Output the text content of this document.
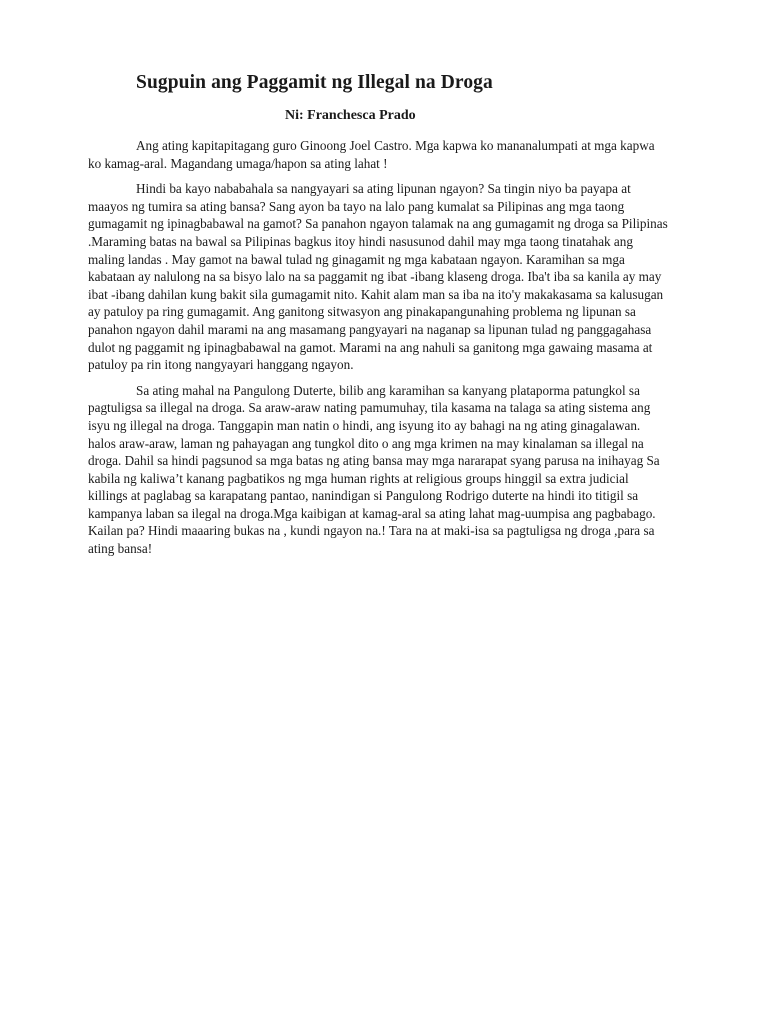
Sugpuin ang Paggamit ng Illegal na Droga
Ni: Franchesca Prado

Ang ating kapitapitagang guro Ginoong Joel Castro. Mga kapwa ko mananalumpati at mga kapwa ko kamag-aral. Magandang umaga/hapon sa ating lahat !

Hindi ba kayo nababahala sa nangyayari sa ating lipunan ngayon? Sa tingin niyo ba payapa at maayos ng tumira sa ating bansa? Sang ayon ba tayo na lalo pang kumalat sa Pilipinas ang mga taong gumagamit ng ipinagbabawal na gamot? Sa panahon ngayon talamak na ang gumagamit ng droga sa Pilipinas .Maraming batas na bawal sa Pilipinas bagkus itoy hindi nasusunod dahil may mga taong tinatahak ang maling landas . May gamot na bawal tulad ng ginagamit ng mga kabataan ngayon. Karamihan sa mga kabataan ay nalulong na sa bisyo lalo na sa paggamit ng ibat -ibang klaseng droga. Iba't iba sa kanila ay may ibat -ibang dahilan kung bakit sila gumagamit nito. Kahit alam man sa iba na ito'y makakasama sa kalusugan ay patuloy pa ring gumagamit. Ang ganitong sitwasyon ang pinakapangunahing problema ng lipunan sa panahon ngayon dahil marami na ang masamang pangyayari na naganap sa lipunan tulad ng panggagahasa dulot ng paggamit ng ipinagbabawal na gamot. Marami na ang nahuli sa ganitong mga gawaing masama at patuloy pa rin itong nangyayari hanggang ngayon.

Sa ating mahal na Pangulong Duterte, bilib ang karamihan sa kanyang plataporma patungkol sa pagtuligsa sa illegal na droga. Sa araw-araw nating pamumuhay, tila kasama na talaga sa ating sistema ang isyu ng illegal na droga. Tanggapin man natin o hindi, ang isyung ito ay bahagi na ng ating ginagalawan. halos araw-araw, laman ng pahayagan ang tungkol dito o ang mga krimen na may kinalaman sa illegal na droga. Dahil sa hindi pagsunod sa mga batas ng ating bansa may mga nararapat syang parusa na inihayag Sa kabila ng kaliwa’t kanang pagbatikos ng mga human rights at religious groups hinggil sa extra judicial killings at paglabag sa karapatang pantao, nanindigan si Pangulong Rodrigo duterte na hindi ito titigil sa kampanya laban sa ilegal na droga.Mga kaibigan at kamag-aral sa ating lahat mag-uumpisa ang pagbabago. Kailan pa? Hindi maaaring bukas na , kundi ngayon na.! Tara na at maki-isa sa pagtuligsa ng droga ,para sa ating bansa!
